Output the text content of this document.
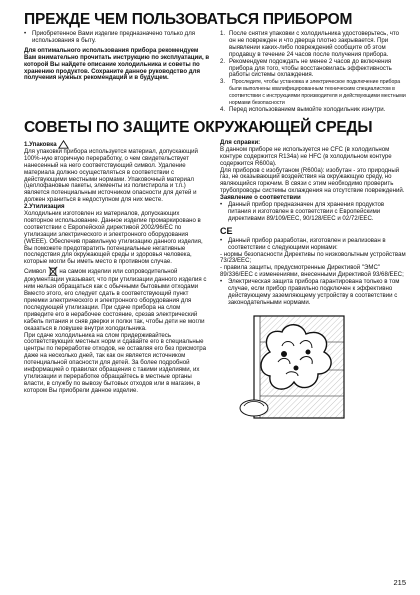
ПРЕЖДЕ ЧЕМ ПОЛЬЗОВАТЬСЯ ПРИБОРОМ
• Приобретенное Вами изделие предназначено только для использования в быту.

Для оптимального использования прибора рекомендуем Вам внимательно прочитать инструкцию по эксплуатации, в которой Вы найдете описание холодильника и советы по хранению продуктов. Сохраните данное руководство для получения нужных рекомендаций и в будущем.

1. После снятия упаковки с холодильника удостоверьтесь, что он не поврежден и что дверца плотно закрывается. При выявлении каких-либо повреждений сообщите об этом продавцу в течение 24 часов после получения прибора.
2. Рекомендуем подождать не менее 2 часов до включения прибора для того, чтобы восстановилась эффективность работы системы охлаждения.
3. Проследите, чтобы установка и электрическое подключение прибора были выполнены квалифицированным техническим специалистом в соответствии с инструкциями производителя и действующими местными нормами безопасности
4. Перед использованием вымойте холодильник изнутри.
СОВЕТЫ ПО ЗАЩИТЕ ОКРУЖАЮЩЕЙ СРЕДЫ

1.Упаковка

Для упаковки прибора используется материал, допускающий 100%-ную вторичную переработку, о чем свидетельствует нанесенный на него соответствующий символ. Удаление материала должно осуществляться в соответствии с действующими местными нормами. Упаковочный материал (целлофановые пакеты, элементы из полистирола и т.п.) является потенциальным источником опасности для детей и должен храниться в недоступном для них месте.

2.Утилизация

Холодильник изготовлен из материалов, допускающих повторное использование. Данное изделие промаркировано в соответствии с Европейской директивой 2002/96/ЕС по утилизации электрического и электронного оборудования (WEEE). Обеспечив правильную утилизацию данного изделия, Вы поможете предотвратить потенциальные негативные последствия для окружающей среды и здоровья человека, которые могли бы иметь место в противном случае.

Символ на самом изделии или сопроводительной документации указывает, что при утилизации данного изделия с ним нельзя обращаться как с обычными бытовыми отходами Вместо этого, его следует сдать в соответствующий пункт приемки электрического и электронного оборудования для последующей утилизации. При сдаче прибора на слом приведите его в нерабочее состояние, срезав электрический кабель питания и сняв дверки и полки так, чтобы дети не могли оказаться в ловушке внутри холодильника.

При сдаче холодильника на слом придерживайтесь соответствующих местных норм и сдавайте его в специальные центры по переработке отходов, не оставляя его без присмотра даже на несколько дней, так как он является источником потенциальной опасности для детей. За более подробной информацией о правилах обращения с такими изделиями, их утилизации и переработке обращайтесь в местные органы власти, в службу по вывозу бытовых отходов или в магазин, в котором Вы приобрели данное изделие.

Для справки:

В данном приборе не используется не CFC (в холодильном контуре содержится R134a) не HFC (в холодильном контуре содержится R600a).

Для приборов с изобутаном (R600a): изобутан - это природный газ, не оказывающий воздействия на окружающую среду, но являющийся горючим. В связи с этим необходимо проверить трубопроводы системы охлаждения на отсутствие повреждений.

Заявление о соответствии

• Данный прибор предназначен для хранения продуктов питания и изготовлен в соответствии с Европейскими директивами 89/109/EEC, 90/128/EEC и 02/72/EEC.
CE
• Данный прибор разработан, изготовлен и реализован в соответствии с следующими нормами:

- нормы безопасности Директивы по низковольтным устройствам 73/23/EEC;

- правила защиты, предусмотренные Директивой "ЭМС" 89/336/EEC с изменениями, внесенными Директивой 93/68/EEC;

• Электрическая защита прибора гарантирована только в том случае, если прибор правильно подключен к эффективно действующему заземляющему устройству в соответствии с законодательными нормами.
215
